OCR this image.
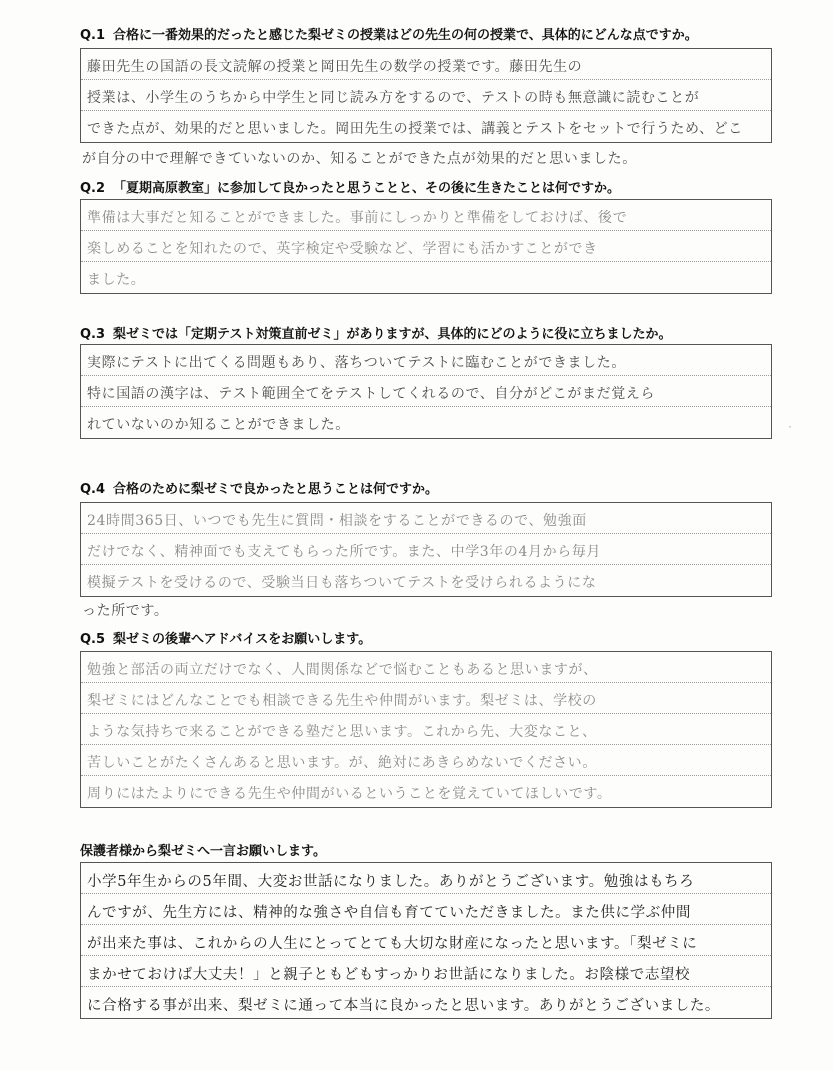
Q.1 合格に一番効果的だったと感じた梨ゼミの授業はどの先生の何の授業で、具体的にどんな点ですか。
藤田先生の国語の長文読解の授業と岡田先生の数学の授業です。藤田先生の
授業は、小学生のうちから中学生と同じ読み方をするので、テストの時も無意識に読むことが
できた点が、効果的だと思いました。岡田先生の授業では、講義とテストをセットで行うため、どこ
が自分の中で理解できていないのか、知ることができた点が効果的だと思いました。
Q.2 「夏期高原教室」に参加して良かったと思うことと、その後に生きたことは何ですか。
準備は大事だと知ることができました。事前にしっかりと準備をしておけば、後で
楽しめることを知れたので、英字検定や受験など、学習にも活かすことができ
ました。
Q.3 梨ゼミでは「定期テスト対策直前ゼミ」がありますが、具体的にどのように役に立ちましたか。
実際にテストに出てくる問題もあり、落ちついてテストに臨むことができました。
特に国語の漢字は、テスト範囲全てをテストしてくれるので、自分がどこがまだ覚えら
れていないのか知ることができました。	·
Q.4 合格のために梨ゼミで良かったと思うことは何ですか。
24時間365日、いつでも先生に質問・相談をすることができるので、勉強面
だけでなく、精神面でも支えてもらった所です。また、中学3年の4月から毎月
模擬テストを受けるので、受験当日も落ちついてテストを受けられるようにな
った所です。
Q.5 梨ゼミの後輩へアドバイスをお願いします。
勉強と部活の両立だけでなく、人間関係などで悩むこともあると思いますが、
梨ゼミにはどんなことでも相談できる先生や仲間がいます。梨ゼミは、学校の
ような気持ちで来ることができる塾だと思います。これから先、大変なこと、
苦しいことがたくさんあると思います。が、絶対にあきらめないでください。
周りにはたよりにできる先生や仲間がいるということを覚えていてほしいです。
保護者様から梨ゼミへ一言お願いします。
小学5年生からの5年間、大変お世話になりました。ありがとうございます。勉強はもちろ
んですが、先生方には、精神的な強さや自信も育てていただきました。また供に学ぶ仲間
が出来た事は、これからの人生にとってとても大切な財産になったと思います。「梨ゼミに
まかせておけば大丈夫！」と親子ともどもすっかりお世話になりました。お陰様で志望校
に合格する事が出来、梨ゼミに通って本当に良かったと思います。ありがとうございました。
